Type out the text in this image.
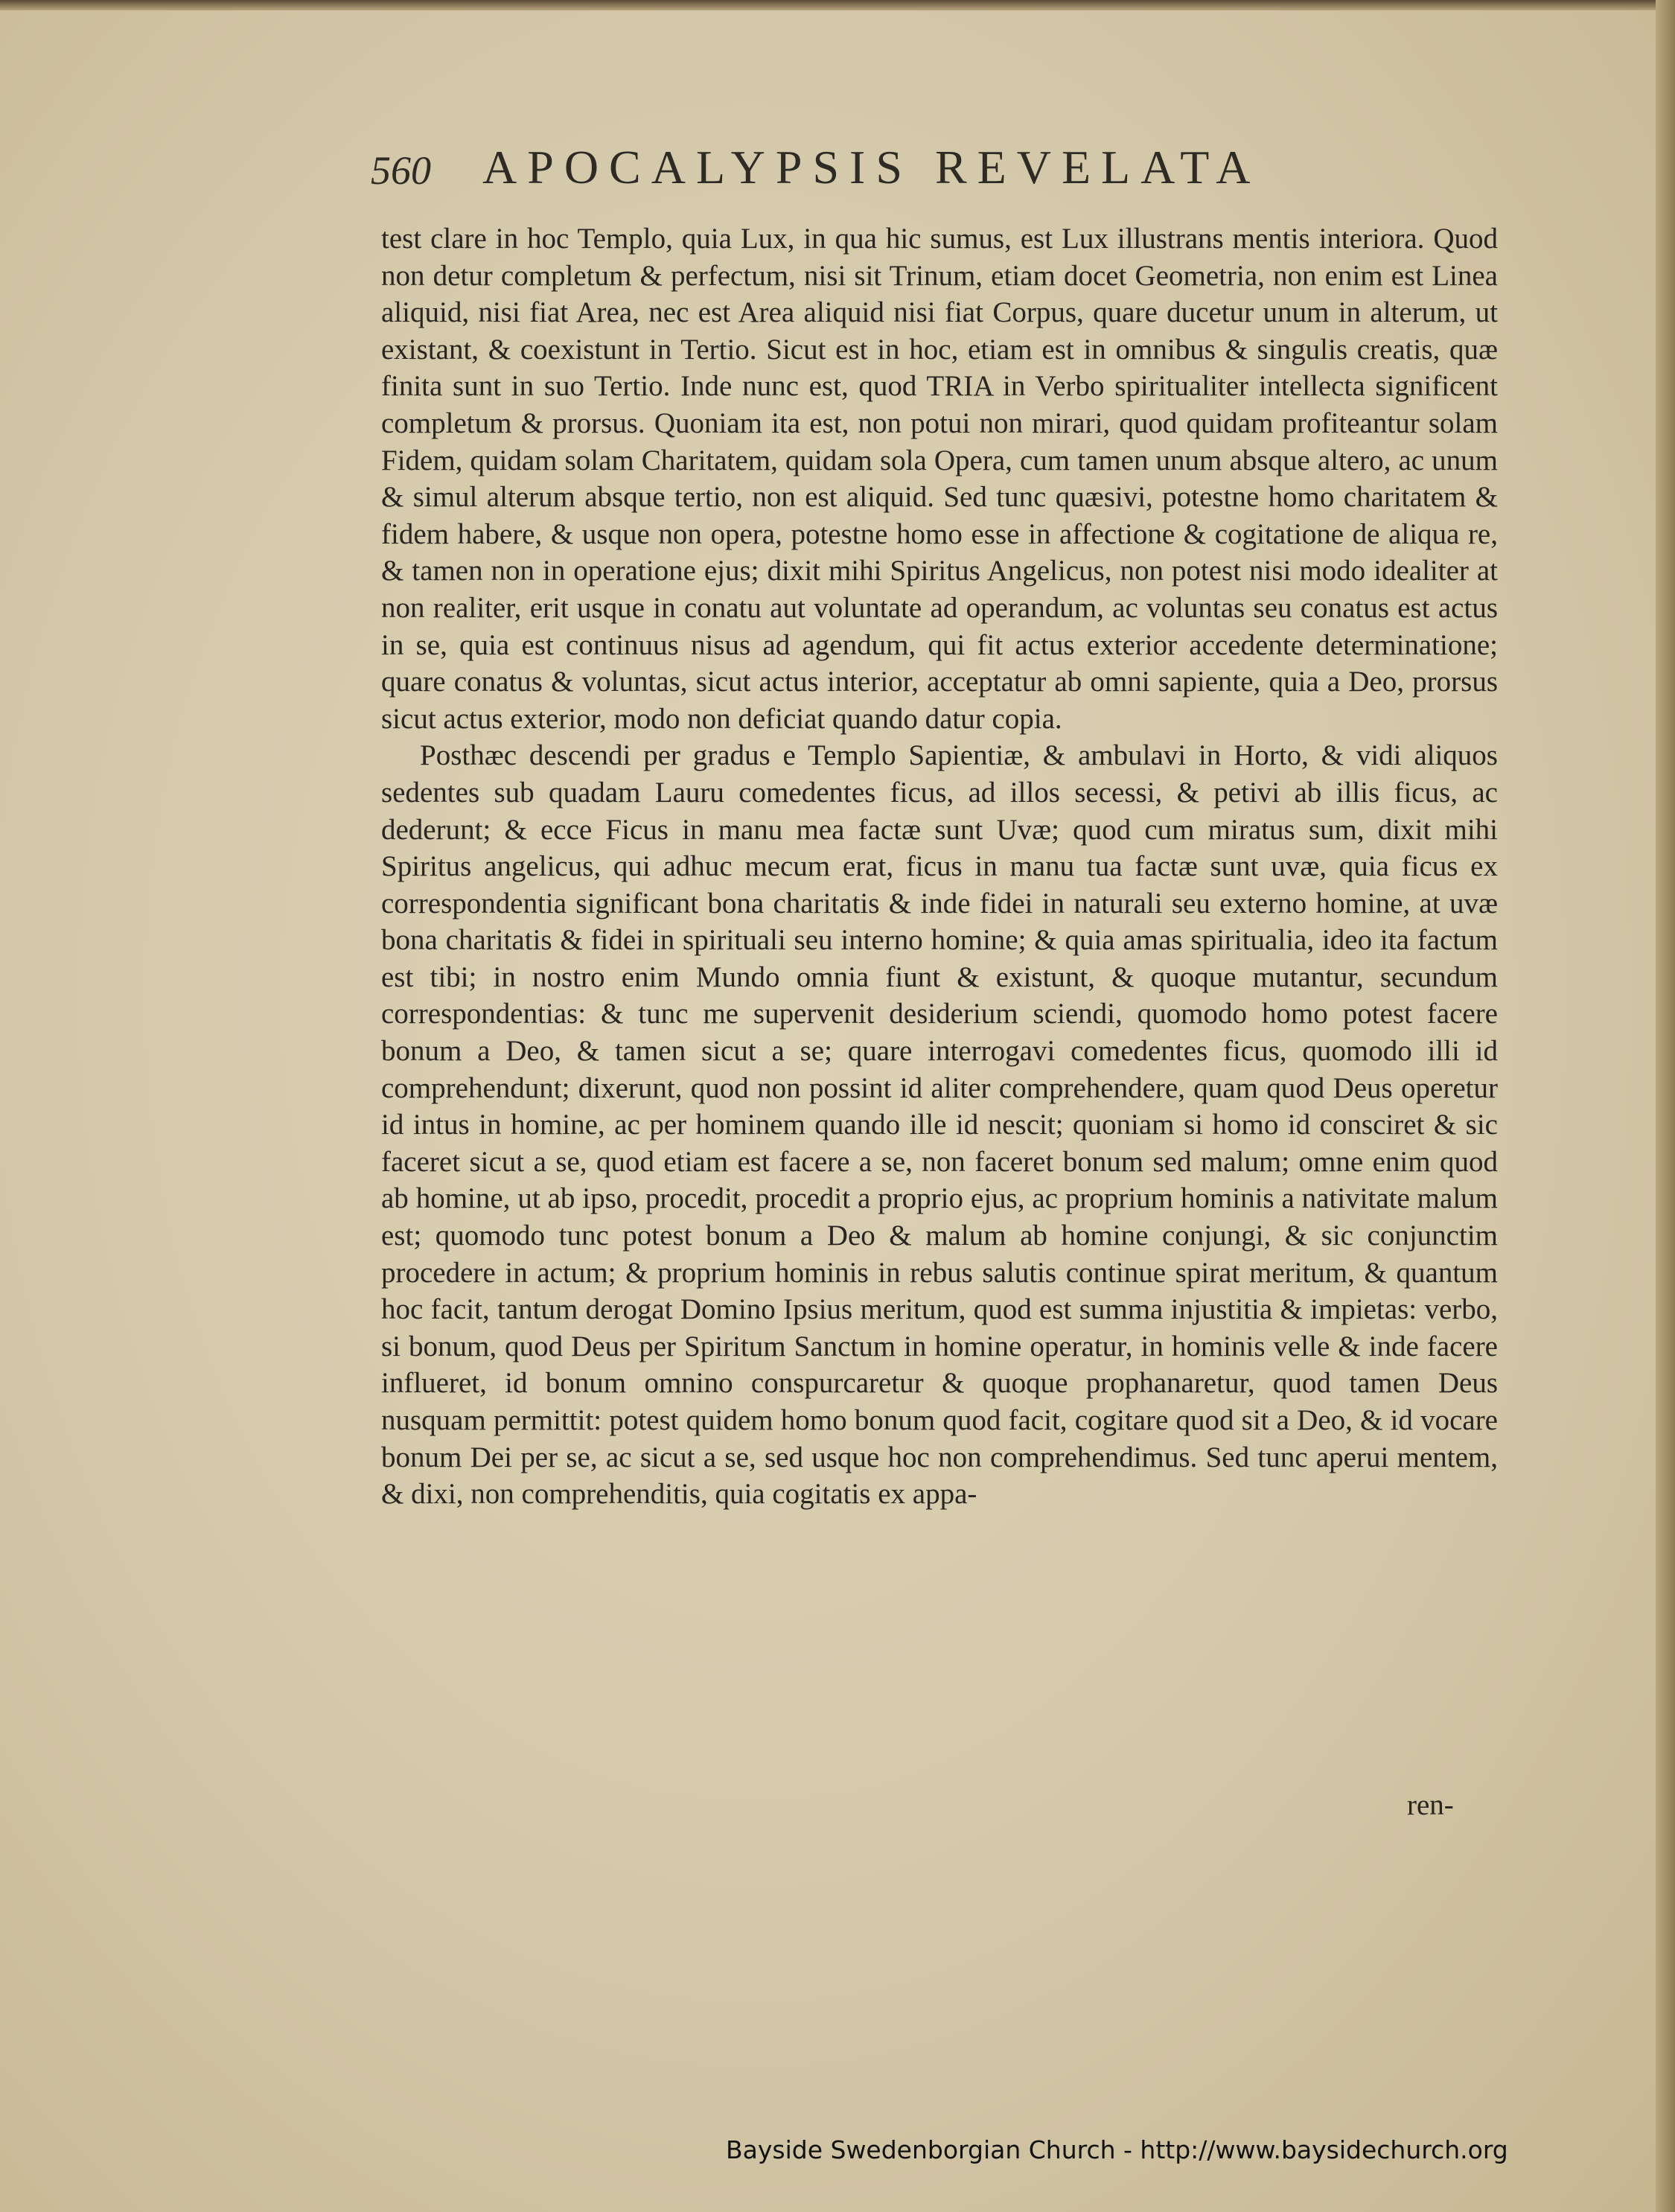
560 APOCALYPSIS REVELATA

test clare in hoc Templo, quia Lux, in qua hic sumus, est Lux illustrans mentis interiora. Quod non detur completum & perfectum, nisi sit Trinum, etiam docet Geometria, non enim est Linea aliquid, nisi fiat Area, nec est Area aliquid nisi fiat Corpus, quare ducetur unum in alterum, ut existant, & coexistunt in Tertio. Sicut est in hoc, etiam est in omnibus & singulis creatis, quæ finita sunt in suo Tertio. Inde nunc est, quod TRIA in Verbo spiritualiter intellecta significent completum & prorsus. Quoniam ita est, non potui non mirari, quod quidam profiteantur solam Fidem, quidam solam Charitatem, quidam sola Opera, cum tamen unum absque altero, ac unum & simul alterum absque tertio, non est aliquid. Sed tunc quæsivi, potestne homo charitatem & fidem habere, & usque non opera, potestne homo esse in affectione & cogitatione de aliqua re, & tamen non in operatione ejus; dixit mihi Spiritus Angelicus, non potest nisi modo idealiter at non realiter, erit usque in conatu aut voluntate ad operandum, ac voluntas seu conatus est actus in se, quia est continuus nisus ad agendum, qui fit actus exterior accedente determinatione; quare conatus & voluntas, sicut actus interior, acceptatur ab omni sapiente, quia a Deo, prorsus sicut actus exterior, modo non deficiat quando datur copia.

Posthæc descendi per gradus e Templo Sapientiæ, & ambulavi in Horto, & vidi aliquos sedentes sub quadam Lauru comedentes ficus, ad illos secessi, & petivi ab illis ficus, ac dederunt; & ecce Ficus in manu mea factæ sunt Uvæ; quod cum miratus sum, dixit mihi Spiritus angelicus, qui adhuc mecum erat, ficus in manu tua factæ sunt uvæ, quia ficus ex correspondentia significant bona charitatis & inde fidei in naturali seu externo homine, at uvæ bona charitatis & fidei in spirituali seu interno homine; & quia amas spiritualia, ideo ita factum est tibi; in nostro enim Mundo omnia fiunt & existunt, & quoque mutantur, secundum correspondentias: & tunc me supervenit desiderium sciendi, quomodo homo potest facere bonum a Deo, & tamen sicut a se; quare interrogavi comedentes ficus, quomodo illi id comprehendunt; dixerunt, quod non possint id aliter comprehendere, quam quod Deus operetur id intus in homine, ac per hominem quando ille id nescit; quoniam si homo id consciret & sic faceret sicut a se, quod etiam est facere a se, non faceret bonum sed malum; omne enim quod ab homine, ut ab ipso, procedit, procedit a proprio ejus, ac proprium hominis a nativitate malum est; quomodo tunc potest bonum a Deo & malum ab homine conjungi, & sic conjunctim procedere in actum; & proprium hominis in rebus salutis continue spirat meritum, & quantum hoc facit, tantum derogat Domino Ipsius meritum, quod est summa injustitia & impietas: verbo, si bonum, quod Deus per Spiritum Sanctum in homine operatur, in hominis velle & inde facere influeret, id bonum omnino conspurcaretur & quoque prophanaretur, quod tamen Deus nusquam permittit: potest quidem homo bonum quod facit, cogitare quod sit a Deo, & id vocare bonum Dei per se, ac sicut a se, sed usque hoc non comprehendimus. Sed tunc aperui mentem, & dixi, non comprehenditis, quia cogitatis ex appa-

ren-
Bayside Swedenborgian Church - http://www.baysidechurch.org
